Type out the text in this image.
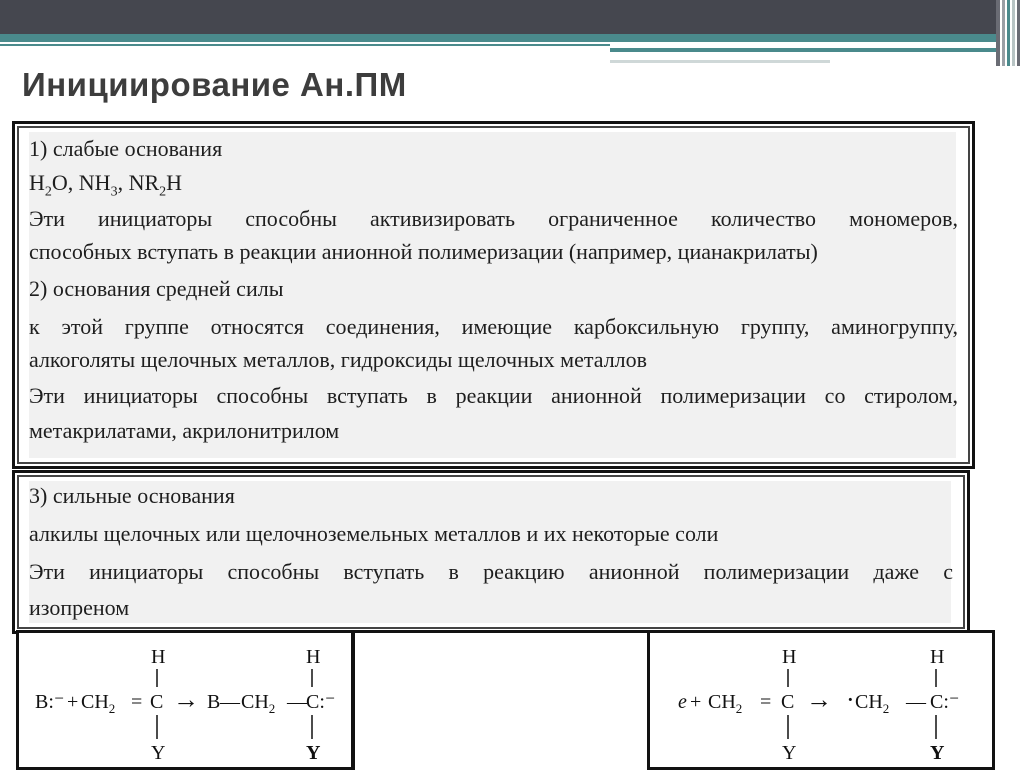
Инициирование Ан.ПМ
1) слабые основания
$H_2O$, $NH_3$, $NR_2H$
Эти инициаторы способны активизировать ограниченное количество мономеров,
способных вступать в реакции анионной полимеризации (например, цианакрилаты)
2) основания средней силы
к этой группе относятся соединения, имеющие карбоксильную группу, аминогруппу,
алкоголяты щелочных металлов, гидроксиды щелочных металлов
Эти инициаторы способны вступать в реакции анионной полимеризации со стиролом,
метакрилатами, акрилонитрилом
3) сильные основания
алкилы щелочных или щелочноземельных металлов и их некоторые соли
Эти инициаторы способны вступать в реакцию анионной полимеризации даже с
изопреном
H	H
B:⁻ + $CH_2 = C \to B$ — $CH_2$ — C:⁻
Y	Y
H	H
$e + CH_2 = C$ → · $CH_2$ — C:⁻
Y	Y
